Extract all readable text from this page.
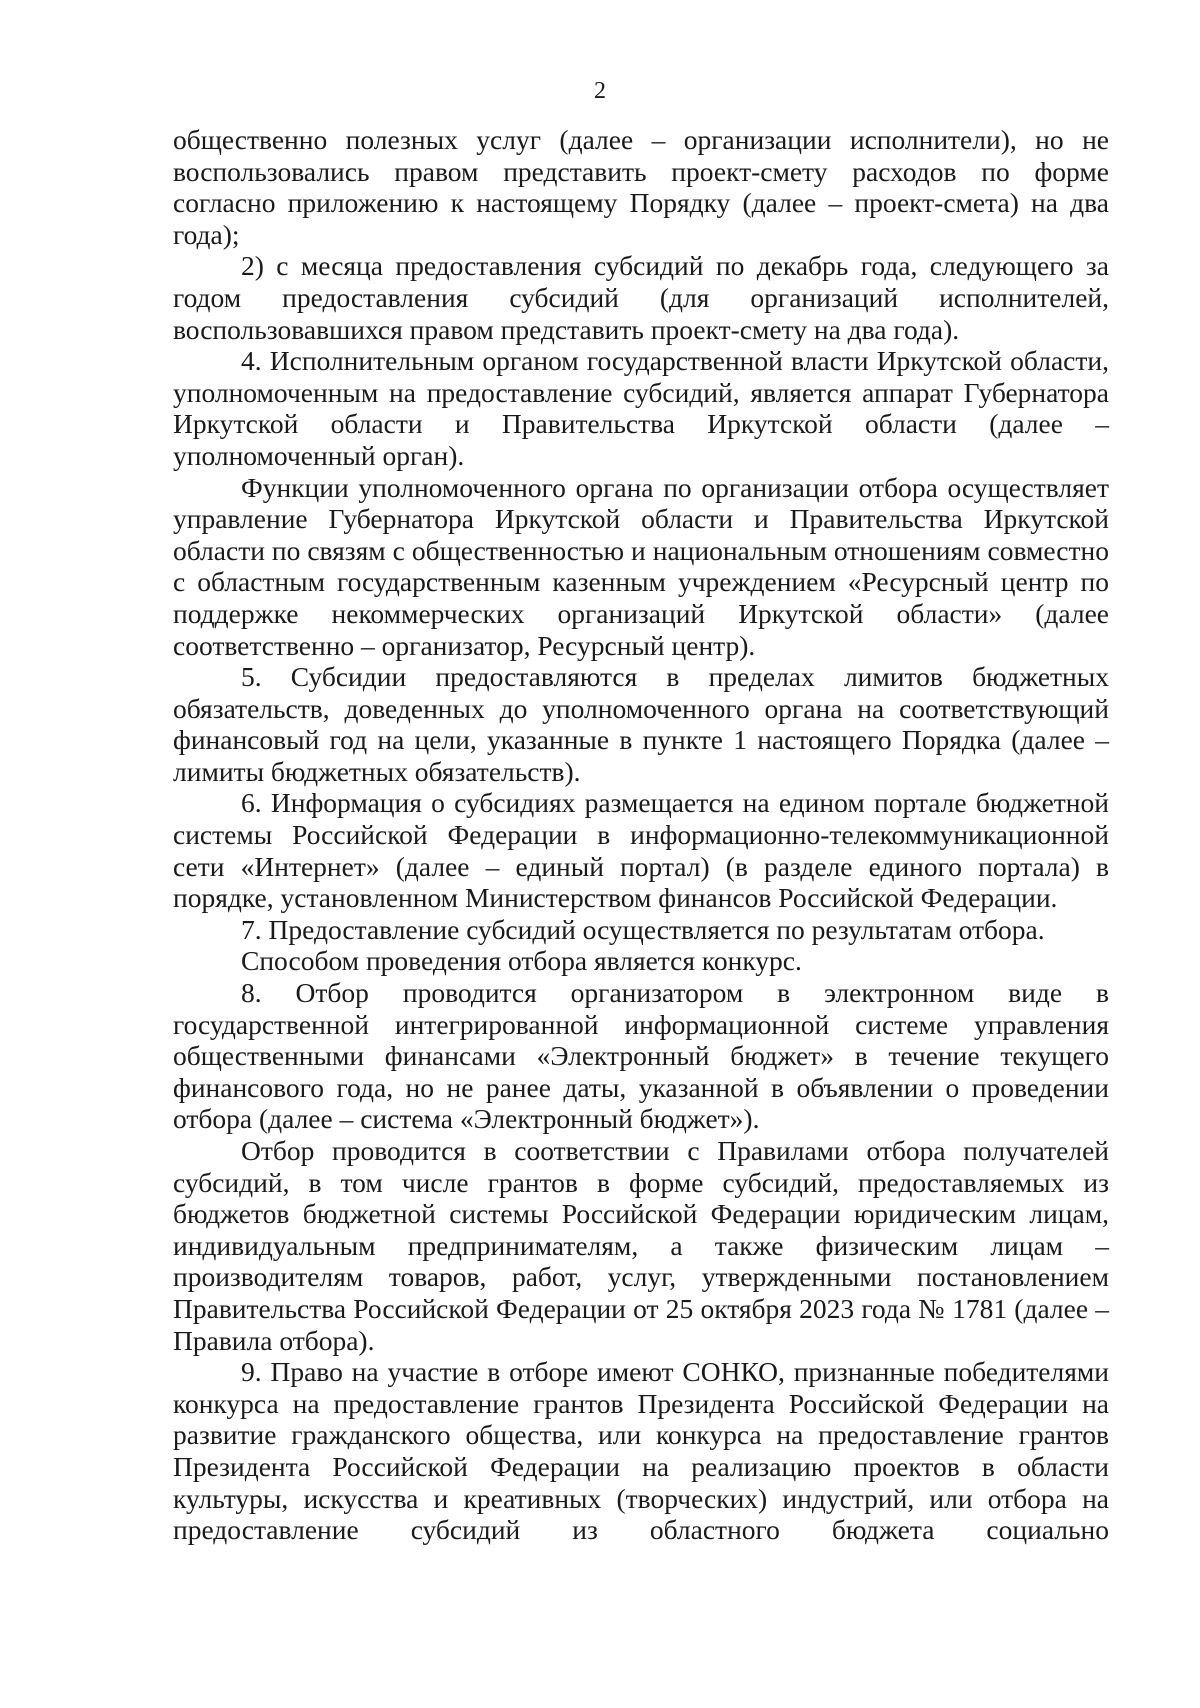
2

общественно полезных услуг (далее – организации исполнители), но не воспользовались правом представить проект-смету расходов по форме согласно приложению к настоящему Порядку (далее – проект-смета) на два года);

2) с месяца предоставления субсидий по декабрь года, следующего за годом предоставления субсидий (для организаций исполнителей, воспользовавшихся правом представить проект-смету на два года).

4. Исполнительным органом государственной власти Иркутской области, уполномоченным на предоставление субсидий, является аппарат Губернатора Иркутской области и Правительства Иркутской области (далее – уполномоченный орган).

Функции уполномоченного органа по организации отбора осуществляет управление Губернатора Иркутской области и Правительства Иркутской области по связям с общественностью и национальным отношениям совместно с областным государственным казенным учреждением «Ресурсный центр по поддержке некоммерческих организаций Иркутской области» (далее соответственно – организатор, Ресурсный центр).

5. Субсидии предоставляются в пределах лимитов бюджетных обязательств, доведенных до уполномоченного органа на соответствующий финансовый год на цели, указанные в пункте 1 настоящего Порядка (далее – лимиты бюджетных обязательств).

6. Информация о субсидиях размещается на едином портале бюджетной системы Российской Федерации в информационно-телекоммуникационной сети «Интернет» (далее – единый портал) (в разделе единого портала) в порядке, установленном Министерством финансов Российской Федерации.

7. Предоставление субсидий осуществляется по результатам отбора.

Способом проведения отбора является конкурс.

8. Отбор проводится организатором в электронном виде в государственной интегрированной информационной системе управления общественными финансами «Электронный бюджет» в течение текущего финансового года, но не ранее даты, указанной в объявлении о проведении отбора (далее – система «Электронный бюджет»).

Отбор проводится в соответствии с Правилами отбора получателей субсидий, в том числе грантов в форме субсидий, предоставляемых из бюджетов бюджетной системы Российской Федерации юридическим лицам, индивидуальным предпринимателям, а также физическим лицам – производителям товаров, работ, услуг, утвержденными постановлением Правительства Российской Федерации от 25 октября 2023 года № 1781 (далее – Правила отбора).

9. Право на участие в отборе имеют СОНКО, признанные победителями конкурса на предоставление грантов Президента Российской Федерации на развитие гражданского общества, или конкурса на предоставление грантов Президента Российской Федерации на реализацию проектов в области культуры, искусства и креативных (творческих) индустрий, или отбора на предоставление субсидий из областного бюджета социально
